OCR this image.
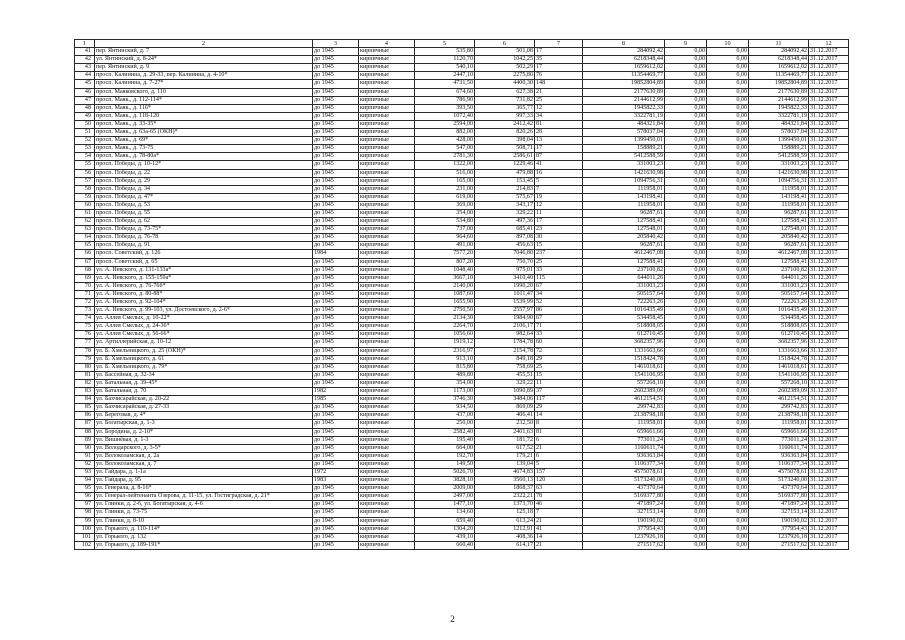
1	2	3	4	5	6	7	8	9	10	11	12
41	пер. Янтинский, д. 7	до 1945	кирпичные	535,80	501,08	17	284092,42	0,00	0,00	284092,42	31.12.2017
42	ул. Янтинский, д. 8-24*	до 1945	кирпичные	1120,70	1042,25	35	6218348,44	0,00	0,00	6218348,44	31.12.2017
43	пер. Янтинский, д. 9	до 1945	кирпичные	540,10	502,29	17	1659612,02	0,00	0,00	1659612,02	31.12.2017
44	просп. Калинина, д. 29-33, пер. Калинина, д. 4-10*	до 1945	кирпичные	2447,10	2275,80	76	11354469,77	0,00	0,00	11354469,77	31.12.2017
45	просп. Калинина, д. 7-27*	до 1945	кирпичные	4731,50	4400,30	148	19852804,89	0,00	0,00	19852804,89	31.12.2017
46	просп. Маяковского, д. 110	до 1945	кирпичные	674,60	627,38	21	2177630,89	0,00	0,00	2177630,89	31.12.2017
47	просп. Маяк., д. 112-114*	до 1945	кирпичные	786,90	731,82	25	2144612,99	0,00	0,00	2144612,99	31.12.2017
48	просп. Маяк., д. 116*	до 1945	кирпичные	393,50	365,77	12	1945822,33	0,00	0,00	1945822,33	31.12.2017
49	просп. Маяк., д. 118-120	до 1945	кирпичные	1072,40	997,33	34	3322781,19	0,00	0,00	3322781,19	31.12.2017
50	просп. Маяк., д. 33-35*	до 1945	кирпичные	2594,00	2412,42	81	484321,84	0,00	0,00	484321,84	31.12.2017
51	просп. Маяк., д. 63а-65 (ОКН)*	до 1945	кирпичные	882,00	820,26	28	578037,04	0,00	0,00	578037,04	31.12.2017
52	просп. Маяк., д. 69*	до 1945	кирпичные	428,00	398,04	13	1399450,01	0,00	0,00	1399450,01	31.12.2017
53	просп. Маяк., д. 73-75	до 1945	кирпичные	547,00	508,71	17	158889,21	0,00	0,00	158889,21	31.12.2017
54	просп. Маяк., д. 78-80а*	до 1945	кирпичные	2781,30	2586,61	87	5412588,59	0,00	0,00	5412588,59	31.12.2017
55	просп. Победы, д. 10-12*	до 1945	кирпичные	1322,00	1229,46	41	331003,23	0,00	0,00	331003,23	31.12.2017
56	просп. Победы, д. 22	до 1945	кирпичные	516,00	479,88	16	1421630,98	0,00	0,00	1421630,98	31.12.2017
57	просп. Победы, д. 29	до 1945	кирпичные	165,00	153,45	5	1094756,31	0,00	0,00	1094756,31	31.12.2017
58	просп. Победы, д. 34	до 1945	кирпичные	231,00	214,83	7	111958,01	0,00	0,00	111958,01	31.12.2017
59	просп. Победы, д. 47*	до 1945	кирпичные	619,00	575,67	19	143198,41	0,00	0,00	143198,41	31.12.2017
60	просп. Победы, д. 53	до 1945	кирпичные	369,00	343,17	12	111958,01	0,00	0,00	111958,01	31.12.2017
61	просп. Победы, д. 55	до 1945	кирпичные	354,00	329,22	11	96287,61	0,00	0,00	96287,61	31.12.2017
62	просп. Победы, д. 62	до 1945	кирпичные	534,80	497,36	17	127588,41	0,00	0,00	127588,41	31.12.2017
63	просп. Победы, д. 73-75*	до 1945	кирпичные	737,00	685,41	23	127548,01	0,00	0,00	127548,01	31.12.2017
64	просп. Победы, д. 76-78	до 1945	кирпичные	964,60	897,08	30	205840,42	0,00	0,00	205840,42	31.12.2017
65	просп. Победы, д. 91	до 1945	кирпичные	491,00	456,63	15	96287,61	0,00	0,00	96287,61	31.12.2017
66	просп. Советский, д. 126	1984	кирпичные	7577,20	7046,80	237	4612467,08	0,00	0,00	4612467,08	31.12.2017
67	просп. Советский, д. 65	до 1945	кирпичные	807,20	750,70	25	127588,41	0,00	0,00	127588,41	31.12.2017
68	ул. А. Невского, д. 131-133а*	до 1945	кирпичные	1048,40	975,01	33	237100,82	0,00	0,00	237100,82	31.12.2017
69	ул. А. Невского, д. 155-159а*	до 1945	кирпичные	3667,10	3410,40	115	644011,26	0,00	0,00	644011,26	31.12.2017
70	ул. А. Невского, д. 76-76б*	до 1945	кирпичные	2140,00	1990,20	67	331003,23	0,00	0,00	331003,23	31.12.2017
71	ул. А. Невского, д. 80-88*	до 1945	кирпичные	1087,60	1011,47	34	505157,64	0,00	0,00	505157,64	31.12.2017
72	ул. А. Невского, д. 92-104*	до 1945	кирпичные	1655,90	1539,99	52	722263,26	0,00	0,00	722263,26	31.12.2017
73	ул. А. Невского, д. 99-103, ул. Достоевского, д. 2-6*	до 1945	кирпичные	2750,50	2557,97	86	1016435,49	0,00	0,00	1016435,49	31.12.2017
74	ул. Аллея Смелых, д. 10-22*	до 1945	кирпичные	2134,30	1984,90	67	534458,45	0,00	0,00	534458,45	31.12.2017
75	ул. Аллея Смелых, д. 24-36*	до 1945	кирпичные	2264,70	2106,17	71	518808,05	0,00	0,00	518808,05	31.12.2017
76	ул. Аллея Смелых, д. 56-66*	до 1945	кирпичные	1056,60	982,64	33	612710,45	0,00	0,00	612710,45	31.12.2017
77	ул. Артиллерийская, д. 10-12	до 1945	кирпичные	1919,12	1784,78	60	3682357,96	0,00	0,00	3682357,96	31.12.2017
78	ул. Б. Хмельницкого, д. 25 (ОКН)*	до 1945	кирпичные	2316,97	2154,78	72	1331663,66	0,00	0,00	1331663,66	31.12.2017
79	ул. Б. Хмельницкого, д. 61	до 1945	кирпичные	913,10	849,18	29	1518424,78	0,00	0,00	1518424,78	31.12.2017
80	ул. Б. Хмельницкого, д. 79*	до 1945	кирпичные	815,80	758,69	25	1461018,61	0,00	0,00	1461018,61	31.12.2017
81	ул. Бассейная, д. 32-34	до 1945	кирпичные	489,80	455,51	15	1541106,95	0,00	0,00	1541106,95	31.12.2017
82	ул. Батальная, д. 39-45*	до 1945	кирпичные	354,00	329,22	11	557268,10	0,00	0,00	557268,10	31.12.2017
83	ул. Батальная, д. 70	1982	кирпичные	1173,00	1090,89	37	2602389,09	0,00	0,00	2602389,09	31.12.2017
84	ул. Бахчисарайская, д. 20-22	1985	кирпичные	3746,30	3484,06	117	4612154,51	0,00	0,00	4612154,51	31.12.2017
85	ул. Бахчисарайская, д. 27-33	до 1945	кирпичные	934,50	869,09	29	299742,83	0,00	0,00	299742,83	31.12.2017
86	ул. Береговая, д. 4*	до 1945	кирпичные	437,00	406,41	14	2138798,18	0,00	0,00	2138798,18	31.12.2017
87	ул. Богатырская, д. 1-3	до 1945	кирпичные	250,00	232,50	8	111958,01	0,00	0,00	111958,01	31.12.2017
88	ул. Бородина, д. 2-10*	до 1945	кирпичные	2582,40	2401,63	81	659661,66	0,00	0,00	659661,66	31.12.2017
89	ул. Вишнёвая, д. 1-3	до 1945	кирпичные	195,40	181,72	6	773011,24	0,00	0,00	773011,24	31.12.2017
90	ул. Володарского, д. 3-5*	до 1945	кирпичные	664,00	617,52	21	1160611,74	0,00	0,00	1160611,74	31.12.2017
91	ул. Волоколамская, д. 2а	до 1945	кирпичные	192,70	179,21	6	936363,84	0,00	0,00	936363,84	31.12.2017
92	ул. Волоколамская, д. 7	до 1945	кирпичные	149,50	139,04	5	1106377,34	0,00	0,00	1106377,34	31.12.2017
93	ул. Гайдара, д. 1-1а	1972	кирпичные	5026,70	4674,83	157	4575078,61	0,00	0,00	4575078,61	31.12.2017
94	ул. Гайдара, д. 95	1983	кирпичные	3828,10	3560,13	120	5173240,00	0,00	0,00	5173240,00	31.12.2017
95	ул. Генерала, д. 8-16*	до 1945	кирпичные	2009,00	1868,37	63	437370,64	0,00	0,00	437370,64	31.12.2017
96	ул. Генерал-лейтенанта Озерова, д. 11-15, ул. Гостиградская, д. 21*	до 1945	кирпичные	2497,00	2322,21	78	5169377,80	0,00	0,00	5169377,80	31.12.2017
97	ул. Глинки, д. 2-6, ул. Богатырская, д. 4-6	до 1945	кирпичные	1477,10	1373,70	46	471897,24	0,00	0,00	471897,24	31.12.2017
98	ул. Глинки, д. 73-75	до 1945	кирпичные	134,60	125,18	7	327153,14	0,00	0,00	327153,14	31.12.2017
99	ул. Глинки, д. 8-10	до 1945	кирпичные	659,40	613,24	21	190190,02	0,00	0,00	190190,02	31.12.2017
100	ул. Горького, д. 110-114*	до 1945	кирпичные	1304,20	1212,91	41	377954,43	0,00	0,00	377954,43	31.12.2017
101	ул. Горького, д. 132	до 1945	кирпичные	439,10	408,36	14	1237926,18	0,00	0,00	1237926,18	31.12.2017
102	ул. Горького, д. 189-191*	до 1945	кирпичные	660,40	614,17	21	271517,62	0,00	0,00	271517,62	31.12.2017
2
